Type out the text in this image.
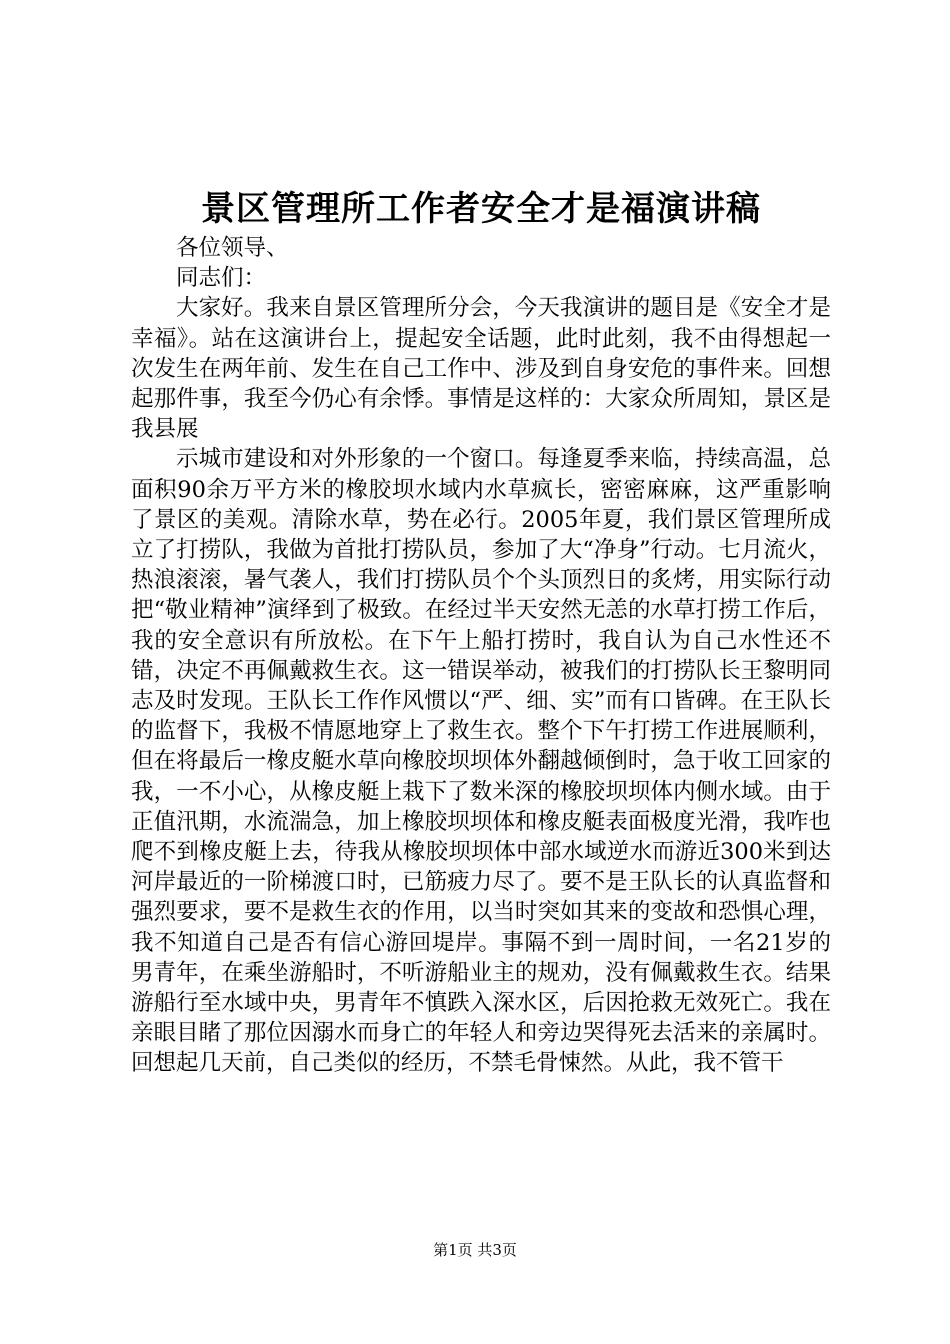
景区管理所工作者安全才是福演讲稿

各位领导、

同志们：

大家好。我来自景区管理所分会，今天我演讲的题目是《安全才是幸福》。站在这演讲台上，提起安全话题，此时此刻，我不由得想起一次发生在两年前、发生在自己工作中、涉及到自身安危的事件来。回想起那件事，我至今仍心有余悸。事情是这样的：大家众所周知，景区是我县展

示城市建设和对外形象的一个窗口。每逢夏季来临，持续高温，总面积90余万平方米的橡胶坝水域内水草疯长，密密麻麻，这严重影响了景区的美观。清除水草，势在必行。2005年夏，我们景区管理所成立了打捞队，我做为首批打捞队员，参加了大“净身”行动。七月流火，热浪滚滚，暑气袭人，我们打捞队员个个头顶烈日的炙烤，用实际行动把“敬业精神”演绎到了极致。在经过半天安然无恙的水草打捞工作后，我的安全意识有所放松。在下午上船打捞时，我自认为自己水性还不错，决定不再佩戴救生衣。这一错误举动，被我们的打捞队长王黎明同志及时发现。王队长工作作风惯以“严、细、实”而有口皆碑。在王队长的监督下，我极不情愿地穿上了救生衣。整个下午打捞工作进展顺利，但在将最后一橡皮艇水草向橡胶坝坝体外翻越倾倒时，急于收工回家的我，一不小心，从橡皮艇上栽下了数米深的橡胶坝坝体内侧水域。由于正值汛期，水流湍急，加上橡胶坝坝体和橡皮艇表面极度光滑，我咋也爬不到橡皮艇上去，待我从橡胶坝坝体中部水域逆水而游近300米到达河岸最近的一阶梯渡口时，已筋疲力尽了。要不是王队长的认真监督和强烈要求，要不是救生衣的作用，以当时突如其来的变故和恐惧心理，我不知道自己是否有信心游回堤岸。事隔不到一周时间，一名21岁的男青年，在乘坐游船时，不听游船业主的规劝，没有佩戴救生衣。结果游船行至水域中央，男青年不慎跌入深水区，后因抢救无效死亡。我在亲眼目睹了那位因溺水而身亡的年轻人和旁边哭得死去活来的亲属时。回想起几天前，自己类似的经历，不禁毛骨悚然。从此，我不管干

第1页 共3页
